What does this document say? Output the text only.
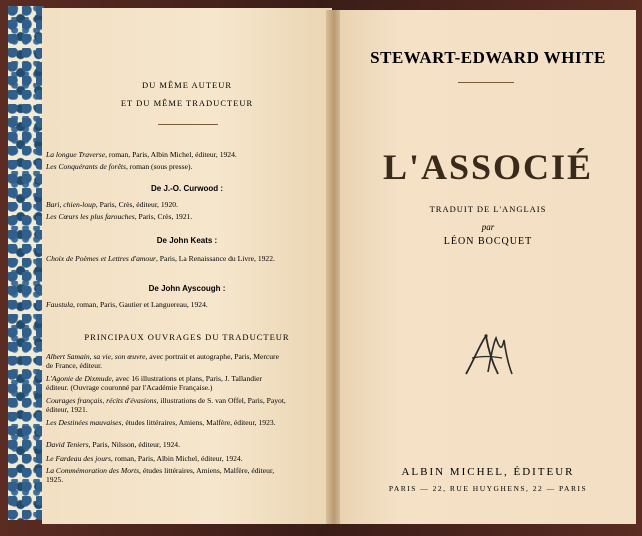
DU MÊME AUTEUR
ET DU MÊME TRADUCTEUR
La longue Traverse, roman, Paris, Albin Michel, éditeur, 1924.
Les Conquérants de forêts, roman (sous presse).
De J.-O. Curwood :
Bari, chien-loup, Paris, Crès, éditeur, 1920.
Les Cœurs les plus farouches, Paris, Crès, 1921.
De John Keats :
Choix de Poèmes et Lettres d'amour, Paris, La Renaissance du Livre, 1922.
De John Ayscough :
Faustula, roman, Paris, Gautier et Languereau, 1924.
PRINCIPAUX OUVRAGES DU TRADUCTEUR
Albert Samain, sa vie, son œuvre, avec portrait et autographe, Paris, Mercure de France, éditeur.
L'Agonie de Dixmude, avec 16 illustrations et plans, Paris, J. Tallandier éditeur. (Ouvrage couronné par l'Académie Française.)
Courages français, récits d'évasions, illustrations de S. van Offel, Paris, Payot, éditeur, 1921.
Les Destinées mauvaises, études littéraires, Amiens, Malfère, éditeur, 1923.
David Teniers, Paris, Nilsson, éditeur, 1924.
Le Fardeau des jours, roman, Paris, Albin Michel, éditeur, 1924.
La Commémoration des Morts, études littéraires, Amiens, Malfère, éditeur, 1925.
STEWART-EDWARD WHITE
L'ASSOCIÉ
TRADUIT DE L'ANGLAIS
par
LÉON BOCQUET
ALBIN MICHEL, ÉDITEUR
PARIS — 22, RUE HUYGHENS, 22 — PARIS
